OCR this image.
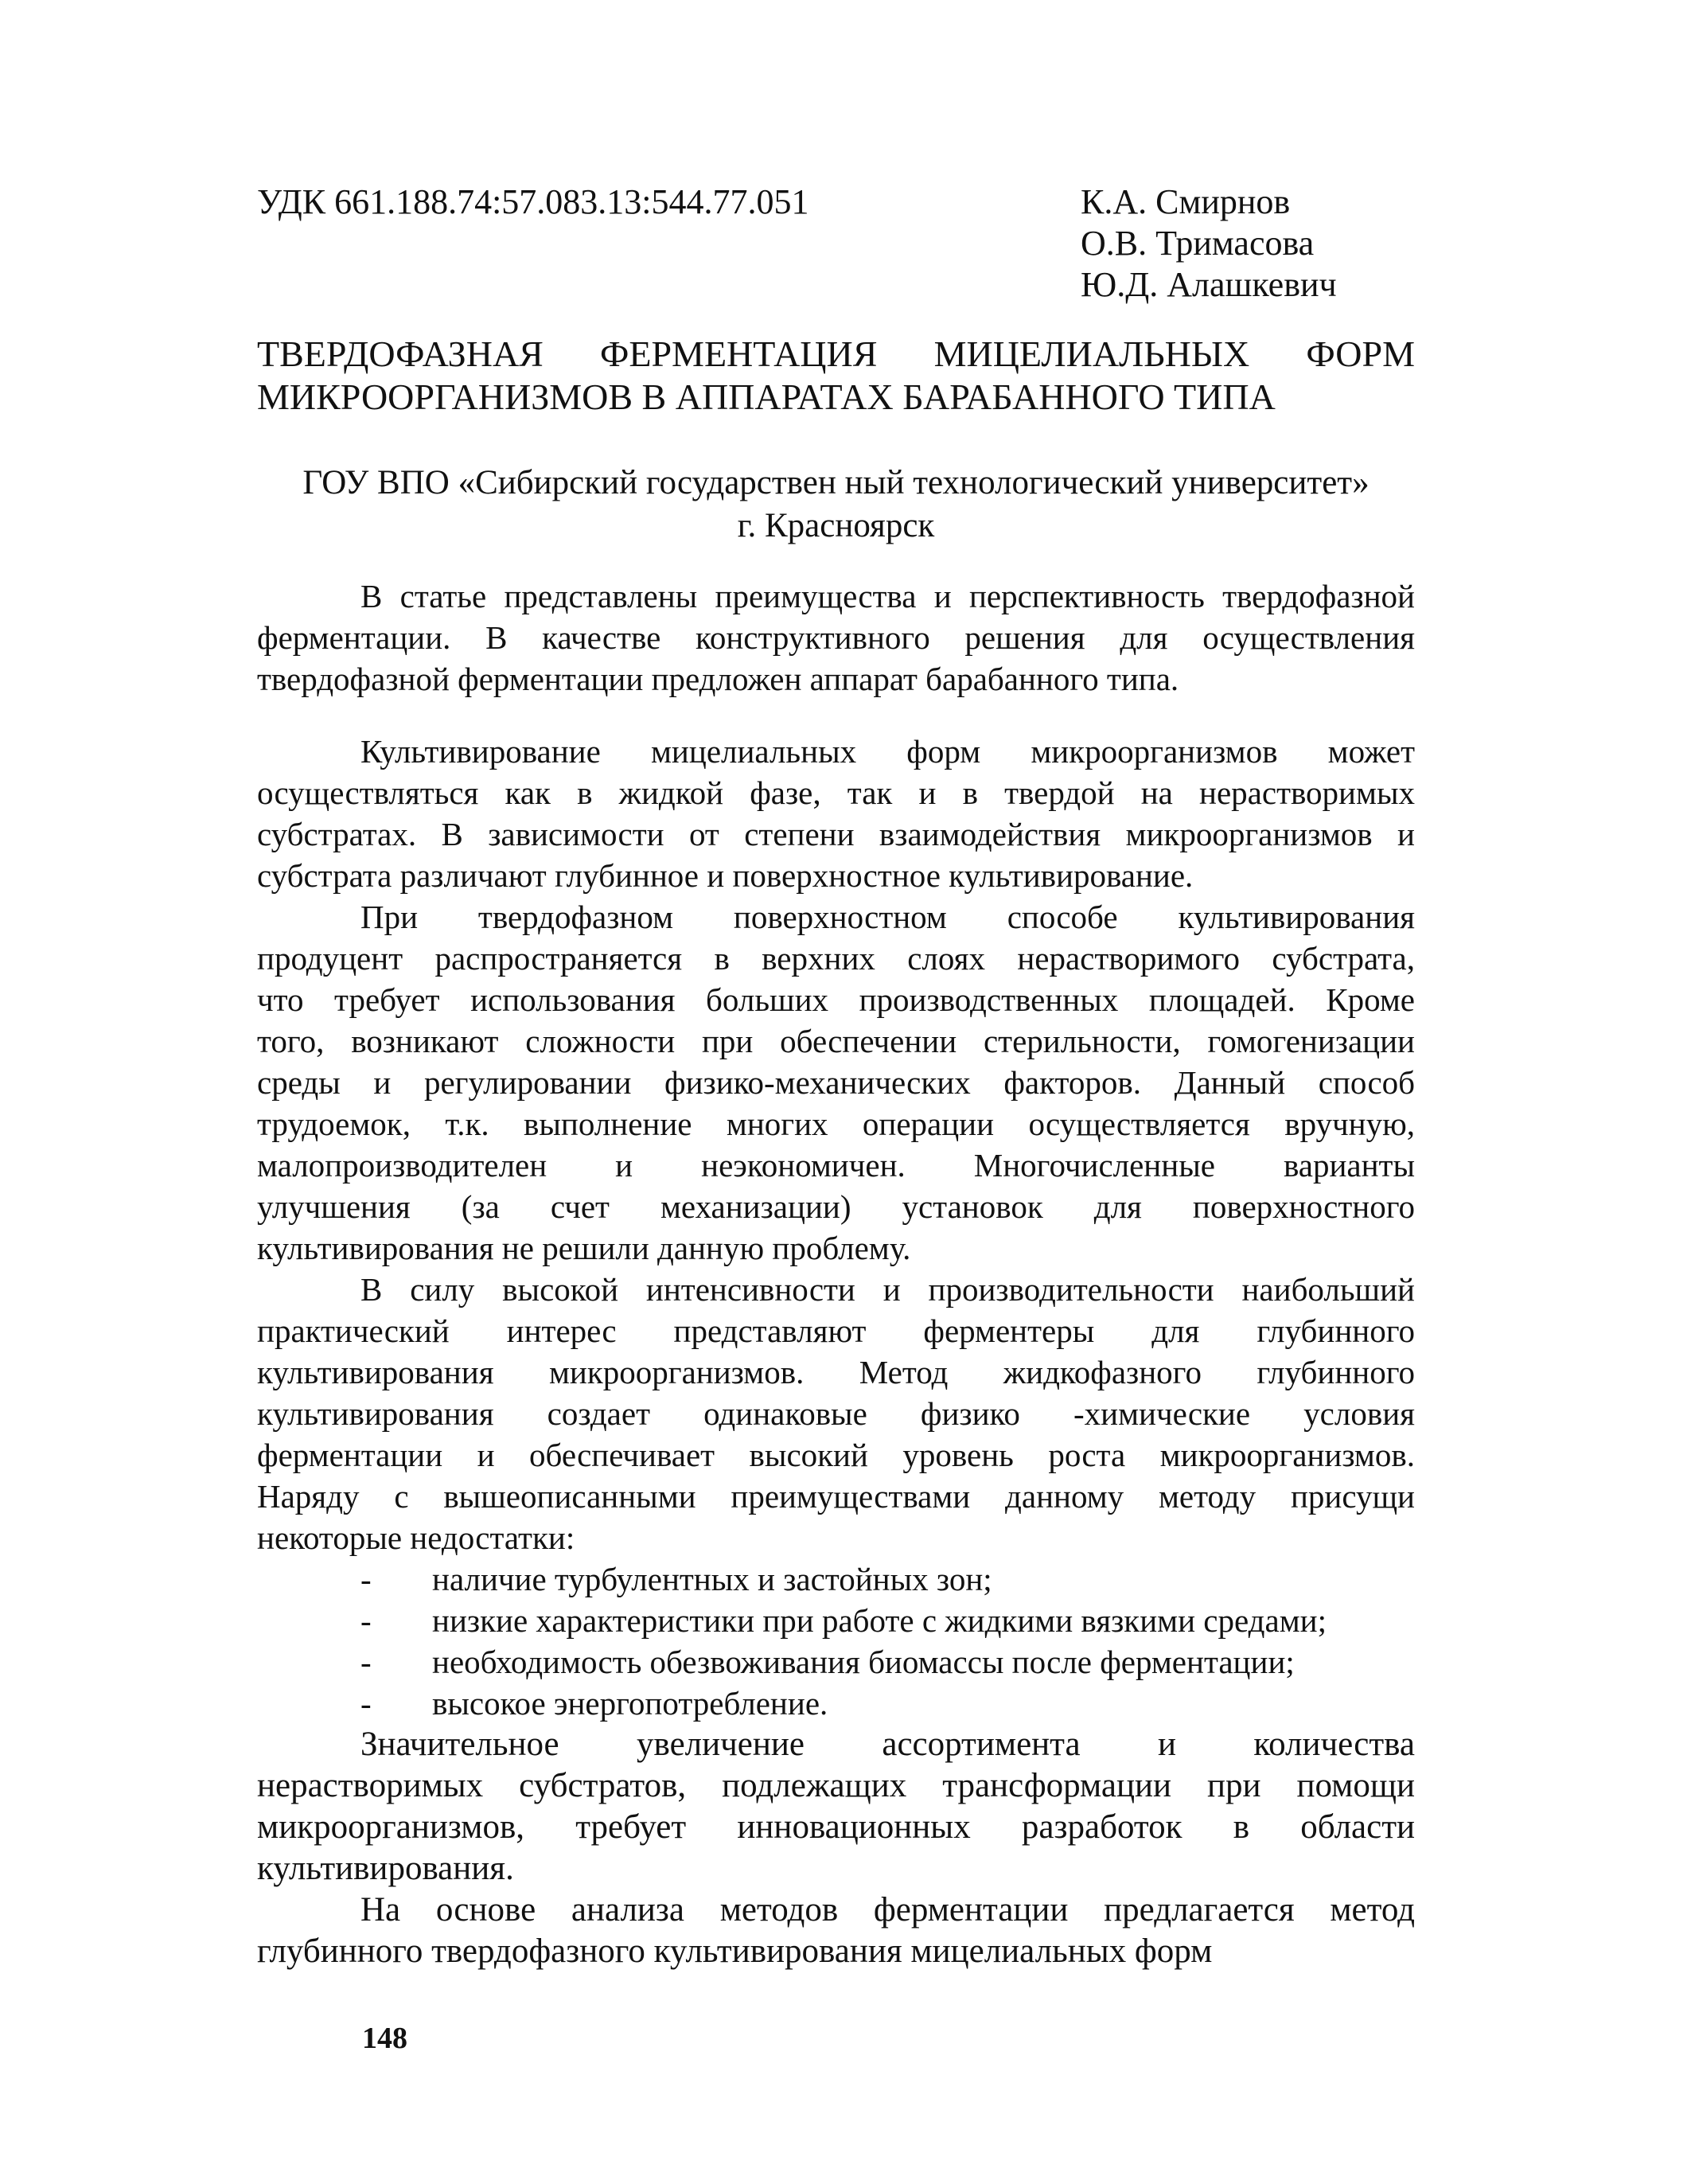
УДК 661.188.74:57.083.13:544.77.051	К.А. Смирнов
О.В. Тримасова
Ю.Д. Алашкевич
ТВЕРДОФАЗНАЯ ФЕРМЕНТАЦИЯ МИЦЕЛИАЛЬНЫХ ФОРМ
МИКРООРГАНИЗМОВ В АППАРАТАХ БАРАБАННОГО ТИПА
ГОУ ВПО «Сибирский государствен ный технологический университет»
г. Красноярск
В статье представлены преимущества и перспективность твердофазной
ферментации. В качестве конструктивного решения для осуществления
твердофазной ферментации предложен аппарат барабанного типа.
Культивирование мицелиальных форм микроорганизмов может
осуществляться как в жидкой фазе, так и в твердой на нерастворимых
субстратах. В зависимости от степени взаимодействия микроорганизмов и
субстрата различают глубинное и поверхностное культивирование.
При твердофазном поверхностном способе культивирования
продуцент распространяется в верхних слоях нерастворимого субстрата,
что требует использования больших производственных площадей. Кроме
того, возникают сложности при обеспечении стерильности, гомогенизации
среды и регулировании физико-механических факторов. Данный способ
трудоемок, т.к. выполнение многих операции осуществляется вручную,
малопроизводителен и неэкономичен. Многочисленные варианты
улучшения (за счет механизации) установок для поверхностного
культивирования не решили данную проблему.
В силу высокой интенсивности и производительности наибольший
практический интерес представляют ферментеры для глубинного
культивирования микроорганизмов. Метод жидкофазного глубинного
культивирования создает одинаковые физико -химические условия
ферментации и обеспечивает высокий уровень роста микроорганизмов.
Наряду с вышеописанными преимуществами данному методу присущи
некоторые недостатки:
- наличие турбулентных и застойных зон;
- низкие характеристики при работе с жидкими вязкими средами;
- необходимость обезвоживания биомассы после ферментации;
- высокое энергопотребление.
Значительное увеличение ассортимента и количества
нерастворимых субстратов, подлежащих трансформации при помощи
микроорганизмов, требует инновационных разработок в области
культивирования.
На основе анализа методов ферментации предлагается метод
глубинного твердофазного культивирования мицелиальных форм
148
